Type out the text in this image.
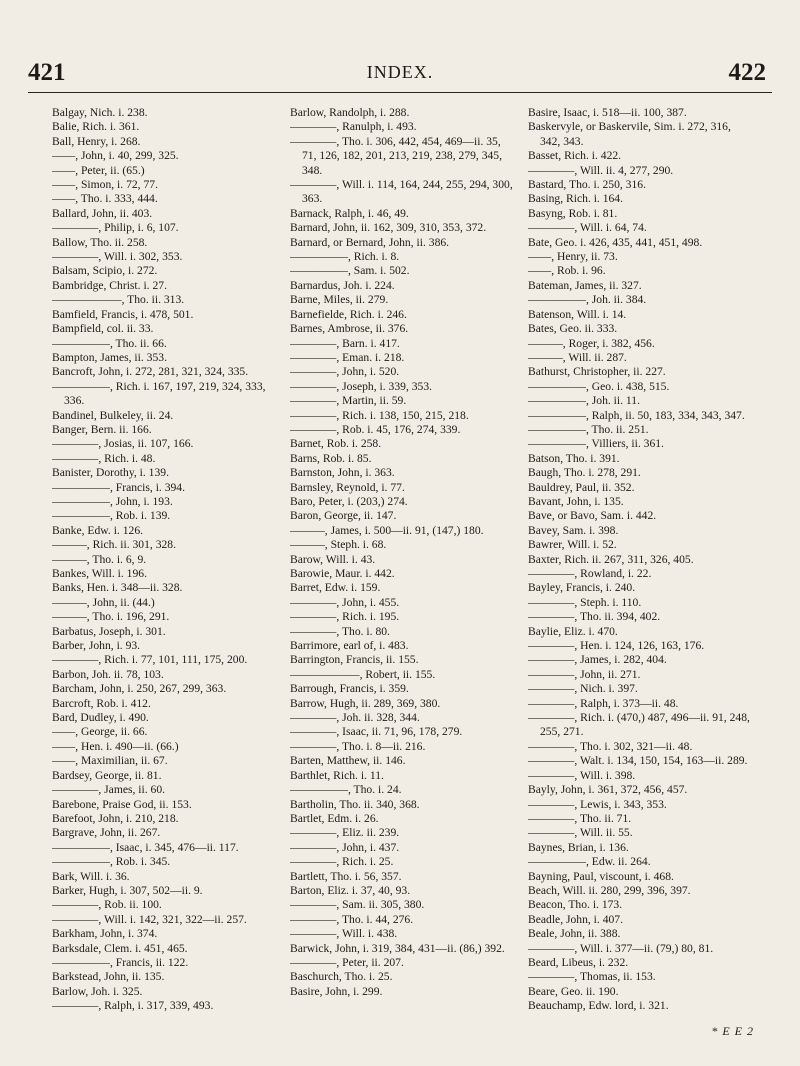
421	INDEX.	422

Balgay, Nich. i. 238.

Balie, Rich. i. 361.

Ball, Henry, i. 268.

——, John, i. 40, 299, 325.

——, Peter, ii. (65.)

——, Simon, i. 72, 77.

——, Tho. i. 333, 444.

Ballard, John, ii. 403.

————, Philip, i. 6, 107.

Ballow, Tho. ii. 258.

————, Will. i. 302, 353.

Balsam, Scipio, i. 272.

Bambridge, Christ. i. 27.

——————, Tho. ii. 313.

Bamfield, Francis, i. 478, 501.

Bampfield, col. ii. 33.

—————, Tho. ii. 66.

Bampton, James, ii. 353.

Bancroft, John, i. 272, 281, 321, 324, 335.

—————, Rich. i. 167, 197, 219, 324, 333, 336.

Bandinel, Bulkeley, ii. 24.

Banger, Bern. ii. 166.

————, Josias, ii. 107, 166.

————, Rich. i. 48.

Banister, Dorothy, i. 139.

—————, Francis, i. 394.

—————, John, i. 193.

—————, Rob. i. 139.

Banke, Edw. i. 126.

———, Rich. ii. 301, 328.

———, Tho. i. 6, 9.

Bankes, Will. i. 196.

Banks, Hen. i. 348—ii. 328.

———, John, ii. (44.)

———, Tho. i. 196, 291.

Barbatus, Joseph, i. 301.

Barber, John, i. 93.

————, Rich. i. 77, 101, 111, 175, 200.

Barbon, Joh. ii. 78, 103.

Barcham, John, i. 250, 267, 299, 363.

Barcroft, Rob. i. 412.

Bard, Dudley, i. 490.

——, George, ii. 66.

——, Hen. i. 490—ii. (66.)

——, Maximilian, ii. 67.

Bardsey, George, ii. 81.

————, James, ii. 60.

Barebone, Praise God, ii. 153.

Barefoot, John, i. 210, 218.

Bargrave, John, ii. 267.

—————, Isaac, i. 345, 476—ii. 117.

—————, Rob. i. 345.

Bark, Will. i. 36.

Barker, Hugh, i. 307, 502—ii. 9.

————, Rob. ii. 100.

————, Will. i. 142, 321, 322—ii. 257.

Barkham, John, i. 374.

Barksdale, Clem. i. 451, 465.

—————, Francis, ii. 122.

Barkstead, John, ii. 135.

Barlow, Joh. i. 325.

————, Ralph, i. 317, 339, 493.

Barlow, Randolph, i. 288.

————, Ranulph, i. 493.

————, Tho. i. 306, 442, 454, 469—ii. 35, 71, 126, 182, 201, 213, 219, 238, 279, 345, 348.

————, Will. i. 114, 164, 244, 255, 294, 300, 363.

Barnack, Ralph, i. 46, 49.

Barnard, John, ii. 162, 309, 310, 353, 372.

Barnard, or Bernard, John, ii. 386.

—————, Rich. i. 8.

—————, Sam. i. 502.

Barnardus, Joh. i. 224.

Barne, Miles, ii. 279.

Barnefielde, Rich. i. 246.

Barnes, Ambrose, ii. 376.

————, Barn. i. 417.

————, Eman. i. 218.

————, John, i. 520.

————, Joseph, i. 339, 353.

————, Martin, ii. 59.

————, Rich. i. 138, 150, 215, 218.

————, Rob. i. 45, 176, 274, 339.

Barnet, Rob. i. 258.

Barns, Rob. i. 85.

Barnston, John, i. 363.

Barnsley, Reynold, i. 77.

Baro, Peter, i. (203,) 274.

Baron, George, ii. 147.

———, James, i. 500—ii. 91, (147,) 180.

———, Steph. i. 68.

Barow, Will. i. 43.

Barowie, Maur. i. 442.

Barret, Edw. i. 159.

————, John, i. 455.

————, Rich. i. 195.

————, Tho. i. 80.

Barrimore, earl of, i. 483.

Barrington, Francis, ii. 155.

——————, Robert, ii. 155.

Barrough, Francis, i. 359.

Barrow, Hugh, ii. 289, 369, 380.

————, Joh. ii. 328, 344.

————, Isaac, ii. 71, 96, 178, 279.

————, Tho. i. 8—ii. 216.

Barten, Matthew, ii. 146.

Barthlet, Rich. i. 11.

—————, Tho. i. 24.

Bartholin, Tho. ii. 340, 368.

Bartlet, Edm. i. 26.

————, Eliz. ii. 239.

————, John, i. 437.

————, Rich. i. 25.

Bartlett, Tho. i. 56, 357.

Barton, Eliz. i. 37, 40, 93.

————, Sam. ii. 305, 380.

————, Tho. i. 44, 276.

————, Will. i. 438.

Barwick, John, i. 319, 384, 431—ii. (86,) 392.

————, Peter, ii. 207.

Baschurch, Tho. i. 25.

Basire, John, i. 299.

Basire, Isaac, i. 518—ii. 100, 387.

Baskervyle, or Baskervile, Sim. i. 272, 316, 342, 343.

Basset, Rich. i. 422.

————, Will. ii. 4, 277, 290.

Bastard, Tho. i. 250, 316.

Basing, Rich. i. 164.

Basyng, Rob. i. 81.

————, Will. i. 64, 74.

Bate, Geo. i. 426, 435, 441, 451, 498.

——, Henry, ii. 73.

——, Rob. i. 96.

Bateman, James, ii. 327.

—————, Joh. ii. 384.

Batenson, Will. i. 14.

Bates, Geo. ii. 333.

———, Roger, i. 382, 456.

———, Will. ii. 287.

Bathurst, Christopher, ii. 227.

—————, Geo. i. 438, 515.

—————, Joh. ii. 11.

—————, Ralph, ii. 50, 183, 334, 343, 347.

—————, Tho. ii. 251.

—————, Villiers, ii. 361.

Batson, Tho. i. 391.

Baugh, Tho. i. 278, 291.

Bauldrey, Paul, ii. 352.

Bavant, John, i. 135.

Bave, or Bavo, Sam. i. 442.

Bavey, Sam. i. 398.

Bawrer, Will. i. 52.

Baxter, Rich. ii. 267, 311, 326, 405.

————, Rowland, i. 22.

Bayley, Francis, i. 240.

————, Steph. i. 110.

————, Tho. ii. 394, 402.

Baylie, Eliz. i. 470.

————, Hen. i. 124, 126, 163, 176.

————, James, i. 282, 404.

————, John, ii. 271.

————, Nich. i. 397.

————, Ralph, i. 373—ii. 48.

————, Rich. i. (470,) 487, 496—ii. 91, 248, 255, 271.

————, Tho. i. 302, 321—ii. 48.

————, Walt. i. 134, 150, 154, 163—ii. 289.

————, Will. i. 398.

Bayly, John, i. 361, 372, 456, 457.

————, Lewis, i. 343, 353.

————, Tho. ii. 71.

————, Will. ii. 55.

Baynes, Brian, i. 136.

—————, Edw. ii. 264.

Bayning, Paul, viscount, i. 468.

Beach, Will. ii. 280, 299, 396, 397.

Beacon, Tho. i. 173.

Beadle, John, i. 407.

Beale, John, ii. 388.

————, Will. i. 377—ii. (79,) 80, 81.

Beard, Libeus, i. 232.

————, Thomas, ii. 153.

Beare, Geo. ii. 190.

Beauchamp, Edw. lord, i. 321.

* E E 2
